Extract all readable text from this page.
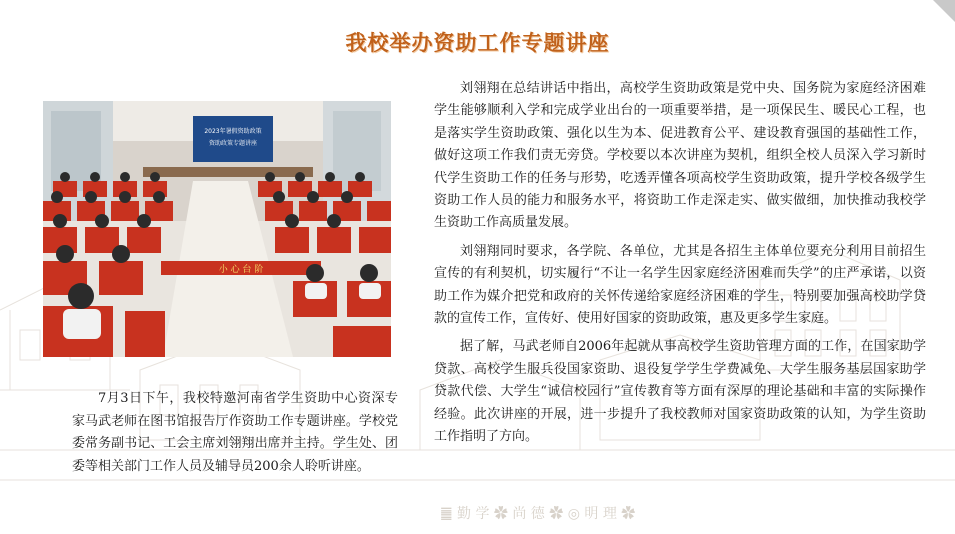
䷀ 勤 学 ✿ 尚 德 ✿ ◎ 明 理 ✿
我校举办资助工作专题讲座
2023年暑假资助政策
资助政策专题讲座
小 心 台 阶
7月3日下午，我校特邀河南省学生资助中心资深专家马武老师在图书馆报告厅作资助工作专题讲座。学校党委常务副书记、工会主席刘翎翔出席并主持。学生处、团委等相关部门工作人员及辅导员200余人聆听讲座。

刘翎翔在总结讲话中指出，高校学生资助政策是党中央、国务院为家庭经济困难学生能够顺利入学和完成学业出台的一项重要举措，是一项保民生、暖民心工程，也是落实学生资助政策、强化以生为本、促进教育公平、建设教育强国的基础性工作，做好这项工作我们责无旁贷。学校要以本次讲座为契机，组织全校人员深入学习新时代学生资助工作的任务与形势，吃透弄懂各项高校学生资助政策，提升学校各级学生资助工作人员的能力和服务水平，将资助工作走深走实、做实做细，加快推动我校学生资助工作高质量发展。

刘翎翔同时要求，各学院、各单位，尤其是各招生主体单位要充分利用目前招生宣传的有利契机，切实履行“不让一名学生因家庭经济困难而失学”的庄严承诺，以资助工作为媒介把党和政府的关怀传递给家庭经济困难的学生，特别要加强高校助学贷款的宣传工作，宣传好、使用好国家的资助政策，惠及更多学生家庭。

据了解，马武老师自2006年起就从事高校学生资助管理方面的工作，在国家助学贷款、高校学生服兵役国家资助、退役复学学生学费减免、大学生服务基层国家助学贷款代偿、大学生“诚信校园行”宣传教育等方面有深厚的理论基础和丰富的实际操作经验。此次讲座的开展，进一步提升了我校教师对国家资助政策的认知，为学生资助工作指明了方向。
